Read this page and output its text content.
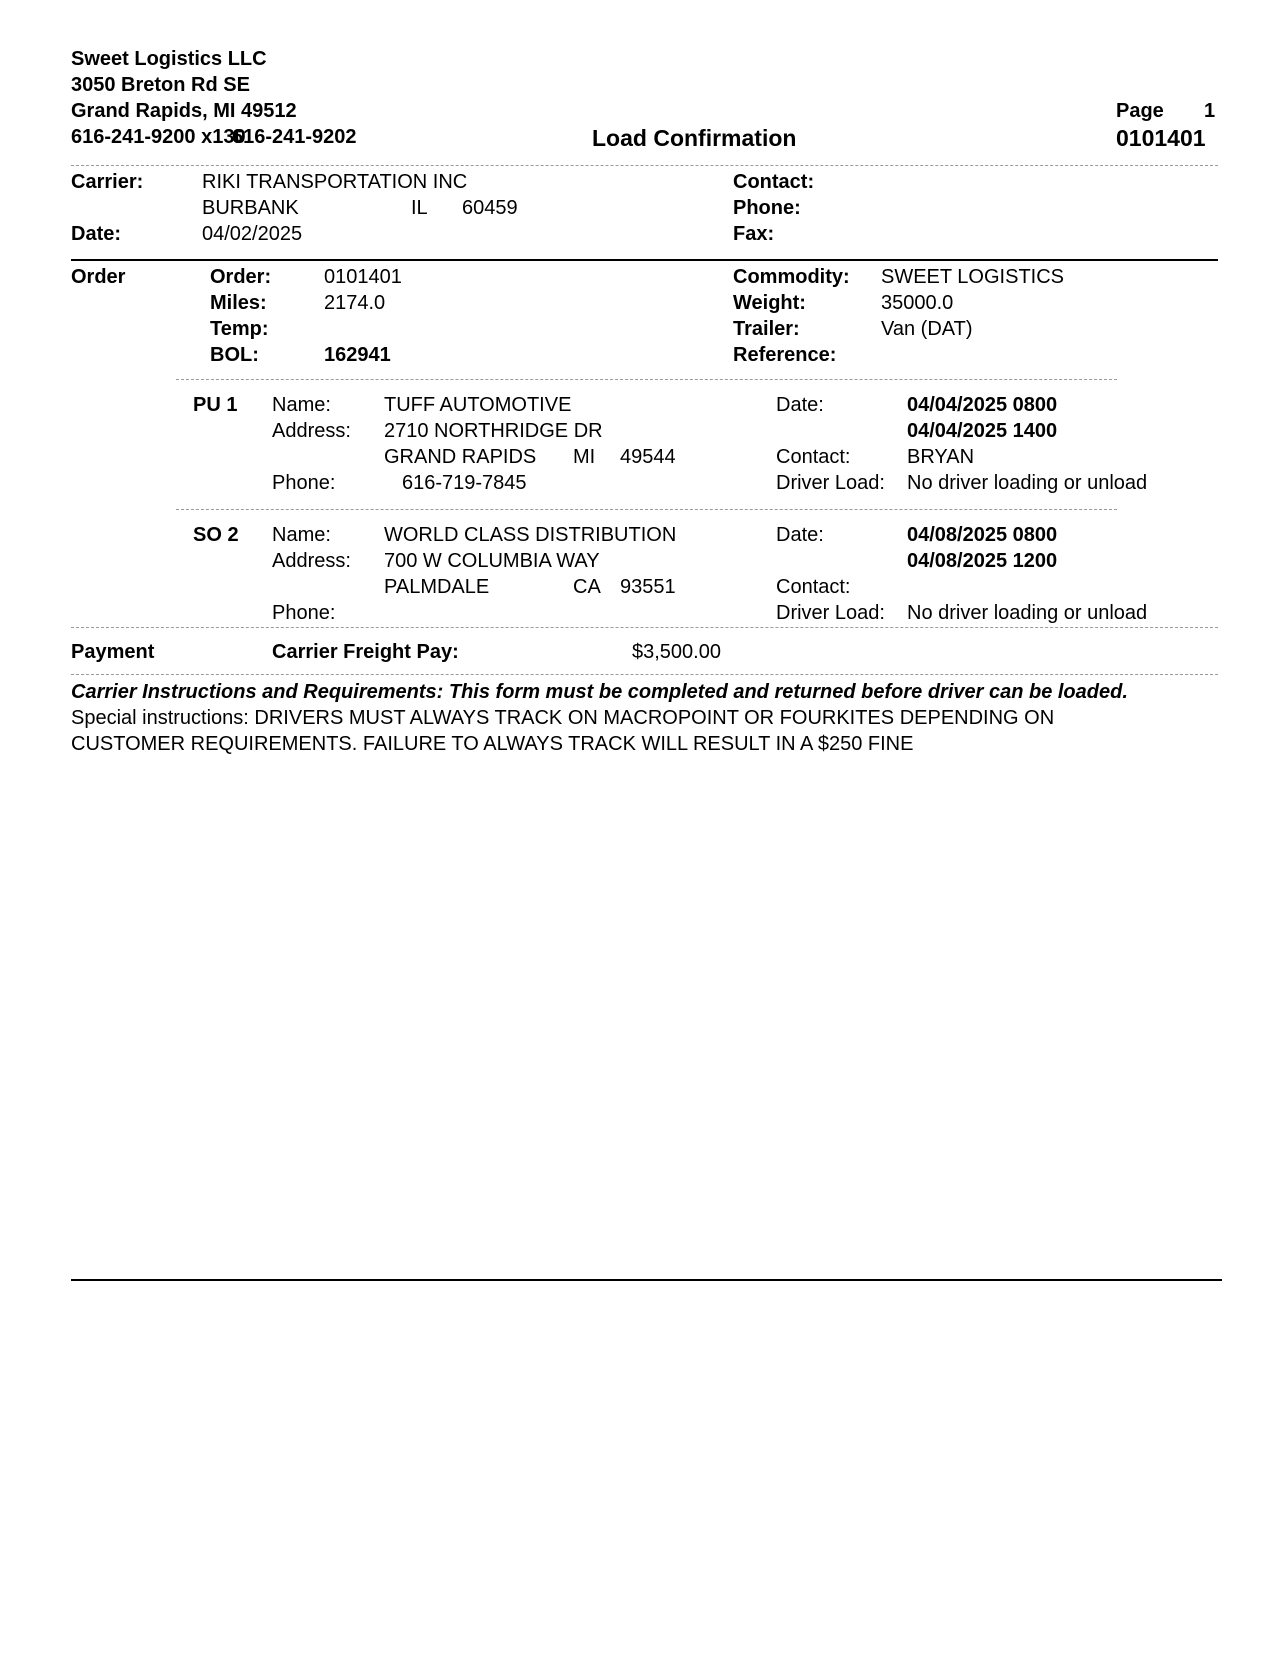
Sweet Logistics LLC
3050 Breton Rd SE
Grand Rapids, MI 49512
616-241-9200 x130
616-241-9202	Load Confirmation
Page 1
0101401
Carrier:	RIKI TRANSPORTATION INC
BURBANK	IL 60459
Date:	04/02/2025
Contact:
Phone:
Fax:
Order	Order:	0101401
Miles:	2174.0
Temp:
BOL:	162941
Commodity: SWEET LOGISTICS
Weight:	35000.0
Trailer:	Van (DAT)
Reference:
PU 1 Name:	TUFF AUTOMOTIVE
Address: 2710 NORTHRIDGE DR
GRAND RAPIDS MI 49544
Phone:	616-719-7845
Date:	04/04/2025 0800
04/04/2025 1400
Contact:	BRYAN
Driver Load: No driver loading or unload
SO 2 Name:	WORLD CLASS DISTRIBUTION
Address: 700 W COLUMBIA WAY
PALMDALE	CA 93551
Phone:
Date:	04/08/2025 0800
04/08/2025 1200
Contact:
Driver Load: No driver loading or unload
Payment	Carrier Freight Pay:	$3,500.00
Carrier Instructions and Requirements: This form must be completed and returned before driver can be loaded.
Special instructions: DRIVERS MUST ALWAYS TRACK ON MACROPOINT OR FOURKITES DEPENDING ON
CUSTOMER REQUIREMENTS. FAILURE TO ALWAYS TRACK WILL RESULT IN A $250 FINE
